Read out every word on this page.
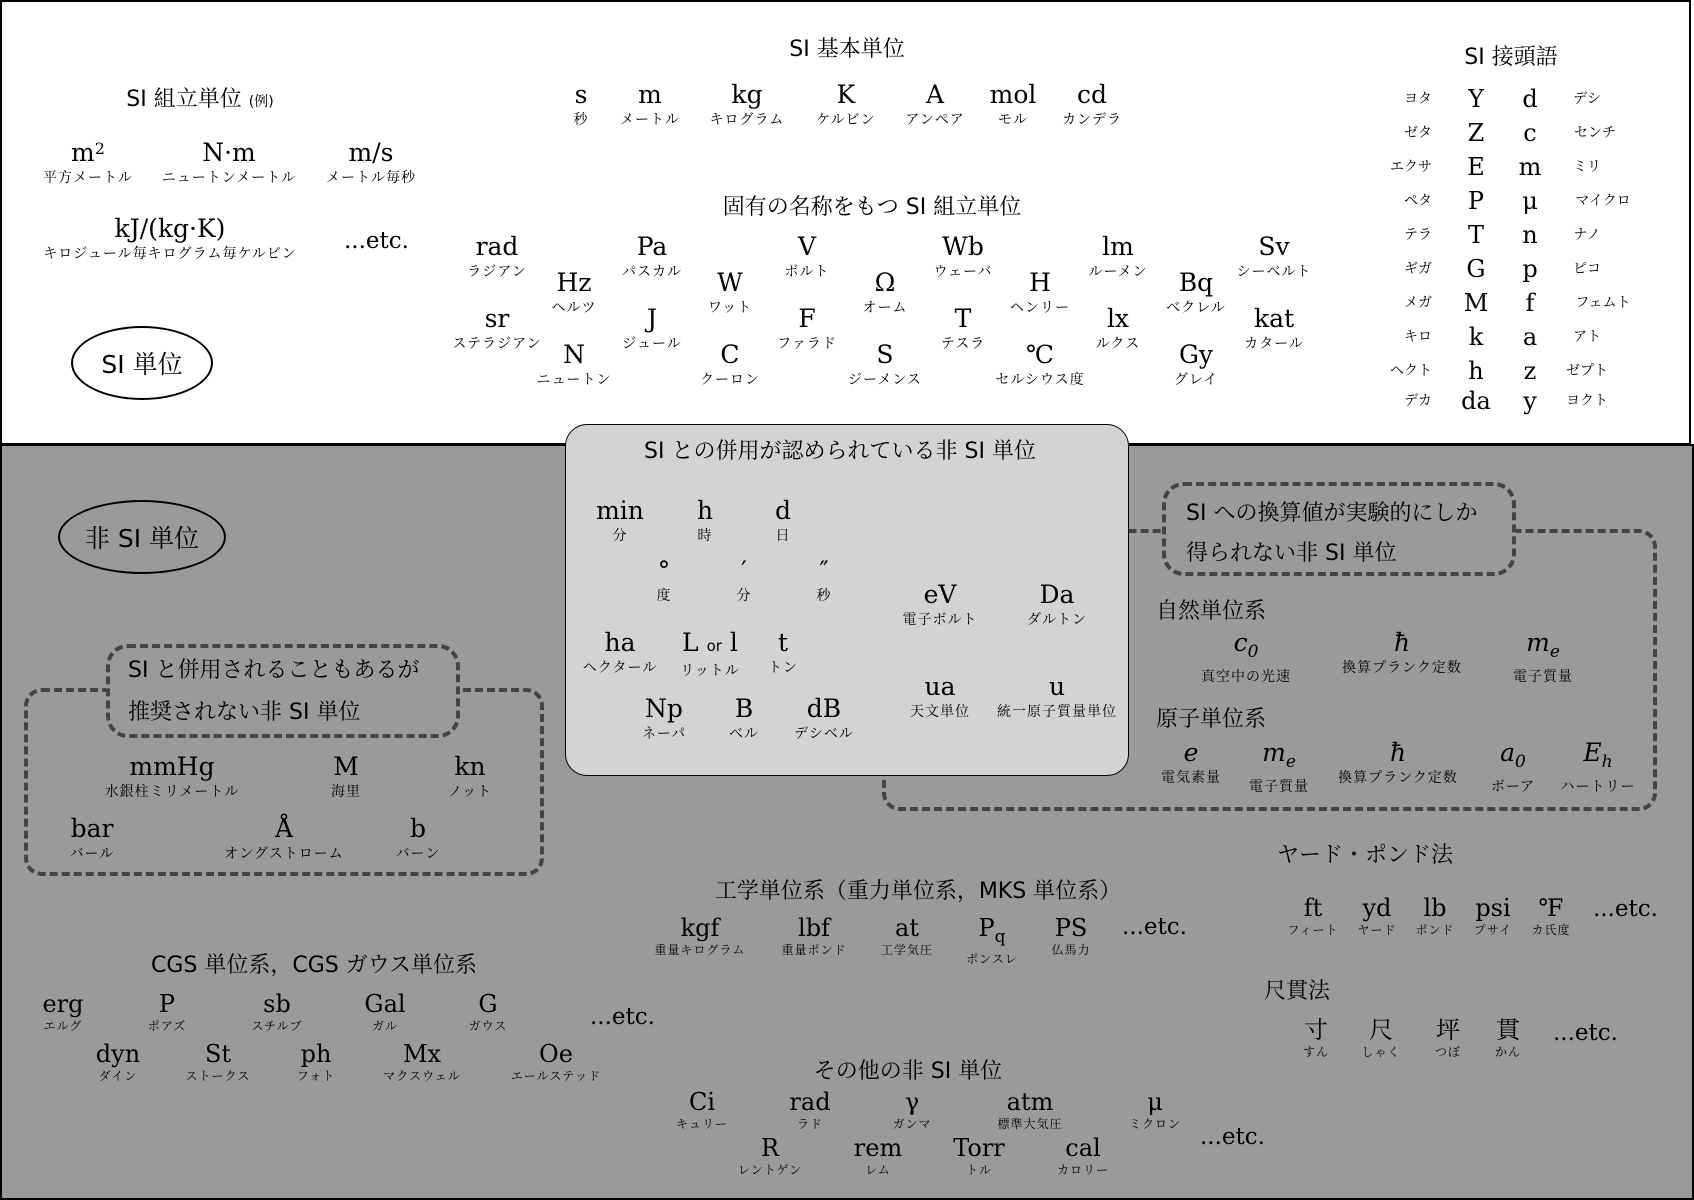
SI 単位
非 SI 単位
SI 基本単位
s
秒
m
メートル
kg
キログラム
K
ケルビン
A
アンペア
mol
モル
cd
カンデラ
SI 組立単位 (例)
$m^2$
平方メートル
N·m
ニュートンメートル
m/s
メートル毎秒
kJ/(kg·K)
キロジュール毎キログラム毎ケルビン ...etc.
固有の名称をもつ SI 組立単位
rad
ラジアン Hz
ヘルツ
sr
ステラジアン N
ニュートン
Pa
パスカル
J
ジュール
W
ワット
C
クーロン
V
ボルト
F
ファラド
Ω
オーム
S
ジーメンス
Wb
ウェーバ
T
テスラ
H
ヘンリー
℃
セルシウス度
lm
ルーメン
lx
ルクス
Bq
ベクレル
Gy
グレイ
Sv
シーベルト
kat
カタール
SI 接頭語
ヨタ Y d	デシ
ゼタ Z c	センチ
エクサ E m ミリ
ペタ P μ	マイクロ
テラ T n	ナノ
ギガ G p	ピコ
メガ M f	フェムト
キロ k a	アト
ヘクト h z ゼプト
デカ da y ヨクト
SI との併用が認められている非 SI 単位
min
分
h
時
d
日
°
度
′
分
″
秒
ha
ヘクタール
L or l
リットル
t
トン
Np
ネーパ
B
ベル
dB
デシベル
SI への換算値が実験的にしか
得られない非 SI 単位
eV
電子ボルト
Da
ダルトン
ua
天文単位
u
統一原子質量単位
自然単位系
$c_0$
真空中の光速
ħ
換算プランク定数
$m_e$
電子質量
原子単位系
e
電気素量
$m_e$
電子質量
ħ
換算プランク定数
$a_0$
ボーア
$E_h$
ハートリー
SI と併用されることもあるが
推奨されない非 SI 単位
mmHg
水銀柱ミリメートル
M
海里
kn
ノット
bar
バール
Å
オングストローム
b
バーン	ヤード・ポンド法
ft
フィート
yd
ヤード
lb
ポンド
psi
プサイ
℉
カ氏度
...etc.
尺貫法
寸
すん
尺
しゃく
坪
つぼ
貫
かん
...etc.
工学単位系（重力単位系，MKS 単位系）
kgf
重量キログラム
lbf
重量ポンド
at
工学気圧
$P_q$
ポンスレ
PS
仏馬力
...etc.
CGS 単位系，CGS ガウス単位系
erg
エルグ
P
ポアズ
sb
スチルブ
Gal
ガル
G
ガウス	...etc.
dyn
ダイン
St
ストークス
ph
フォト
Mx
マクスウェル
Oe
エールステッド	その他の非 SI 単位
Ci
キュリー
rad
ラド
γ
ガンマ
atm
標準大気圧
μ
ミクロン ...etc.
R
レントゲン
rem
レム
Torr
トル
cal
カロリー
